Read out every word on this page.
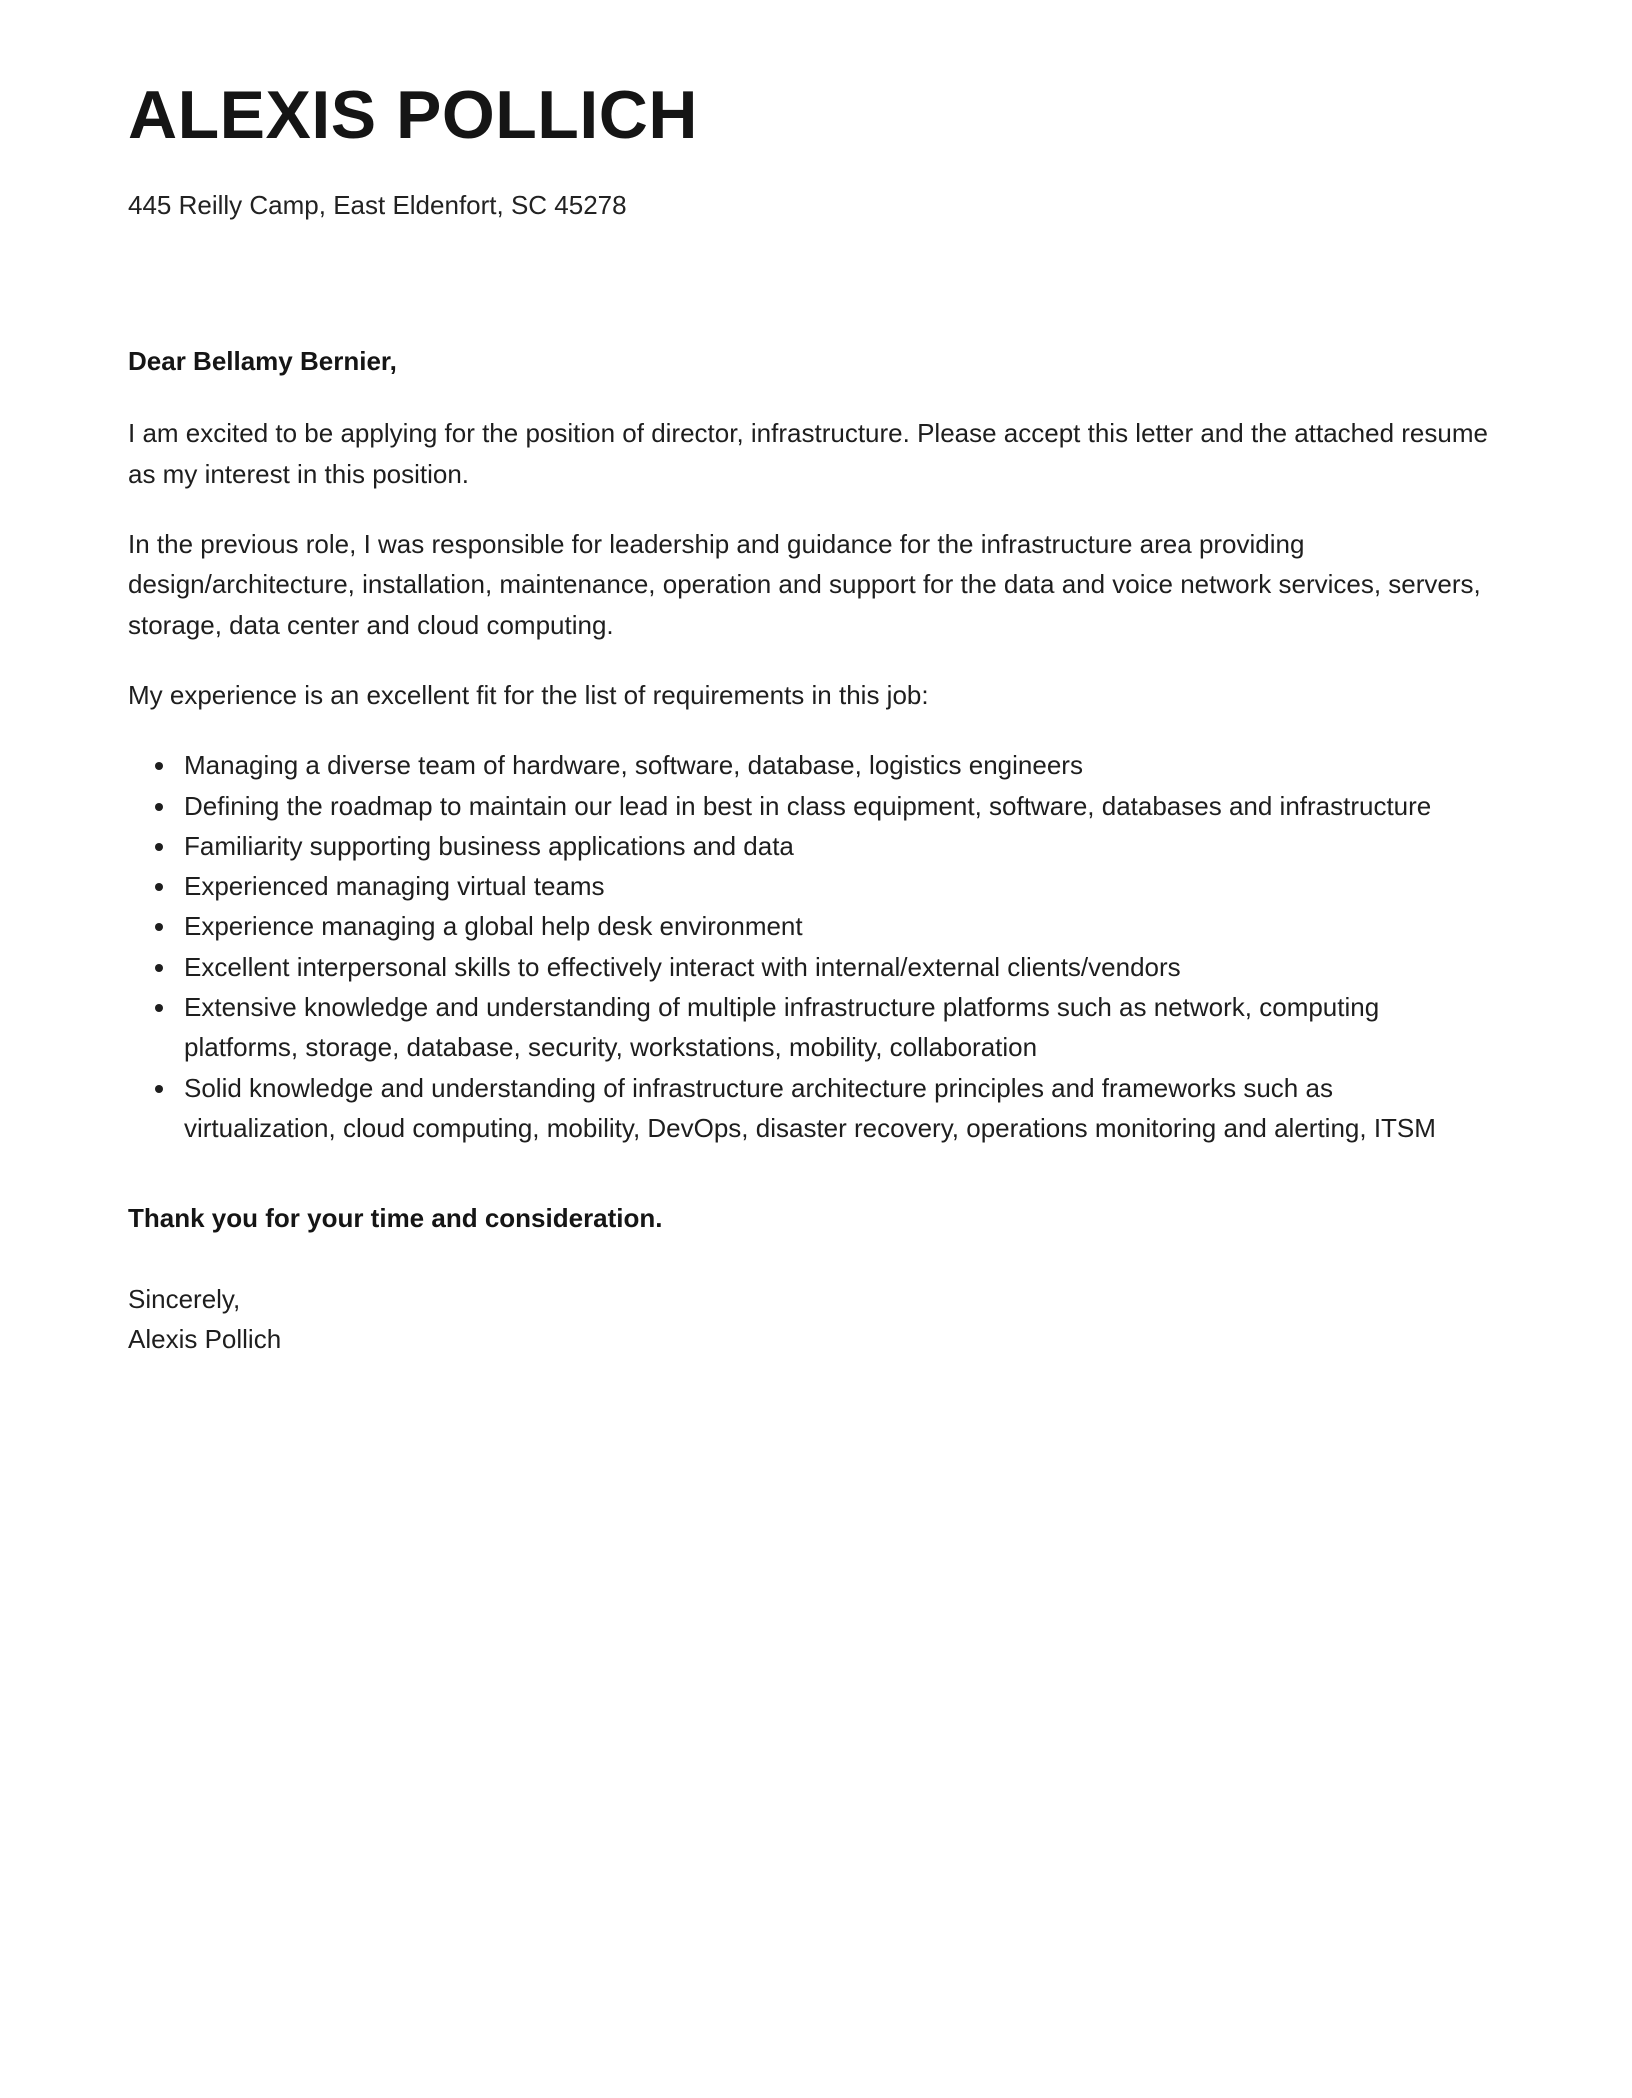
ALEXIS POLLICH
445 Reilly Camp, East Eldenfort, SC 45278

Dear Bellamy Bernier,

I am excited to be applying for the position of director, infrastructure. Please accept this letter and the attached resume as my interest in this position.

In the previous role, I was responsible for leadership and guidance for the infrastructure area providing design/architecture, installation, maintenance, operation and support for the data and voice network services, servers, storage, data center and cloud computing.

My experience is an excellent fit for the list of requirements in this job:

• Managing a diverse team of hardware, software, database, logistics engineers
• Defining the roadmap to maintain our lead in best in class equipment, software, databases and infrastructure
• Familiarity supporting business applications and data
• Experienced managing virtual teams
• Experience managing a global help desk environment
• Excellent interpersonal skills to effectively interact with internal/external clients/vendors
• Extensive knowledge and understanding of multiple infrastructure platforms such as network, computing platforms, storage, database, security, workstations, mobility, collaboration
• Solid knowledge and understanding of infrastructure architecture principles and frameworks such as virtualization, cloud computing, mobility, DevOps, disaster recovery, operations monitoring and alerting, ITSM

Thank you for your time and consideration.

Sincerely,
Alexis Pollich
